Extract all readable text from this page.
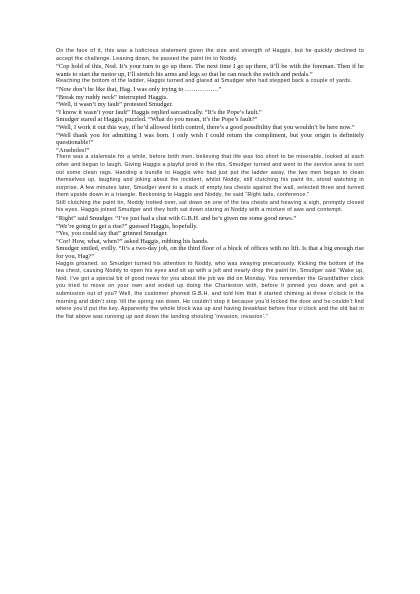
On the face of it, this was a ludicrous statement given the size and strength of Haggis, but he quickly declined to accept the challenge. Leaning down, he passed the paint tin to Noddy.

“Cop hold of this, Nod. It’s your turn to go up there. The next time I go up there, it’ll be with the foreman. Then if he wants to start the motor up, I’ll stretch his arms and legs so that he can reach the switch and pedals.”

Reaching the bottom of the ladder, Haggis turned and glared at Smudger who had stepped back a couple of yards.

“Now don’t be like that, Hag. I was only trying to …………….”

“Break my ruddy neck” interrupted Haggis.

“Well, it wasn’t my fault” protested Smudger.

“I know it wasn’t your fault” Haggis replied sarcastically. “It’s the Pope’s fault.”

Smudger stared at Haggis, puzzled. “What do you mean, it’s the Pope’s fault?”

“Well, I work it out this way, if he’d allowed birth control, there’s a good possibility that you wouldn’t be here now.”

“Well thank you for admitting I was born. I only wish I could return the compliment, but your origin is definitely questionable!”

“Arseholes!”

There was a stalemate for a while, before both men, believing that life was too short to be miserable, looked at each other and began to laugh. Giving Haggis a playful prod in the ribs, Smudger turned and went to the service area to sort out some clean rags. Handing a bundle to Haggis who had just put the ladder away, the two men began to clean themselves up, laughing and joking about the incident, whilst Noddy, still clutching his paint tin, stood watching in surprise. A few minutes later, Smudger went to a stack of empty tea chests against the wall, selected three and turned them upside down in a triangle. Beckoning to Haggis and Noddy, he said “Right lads, conference.”

Still clutching the paint tin, Noddy trotted over, sat down on one of the tea chests and heaving a sigh, promptly closed his eyes. Haggis joined Smudger and they both sat down staring at Noddy with a mixture of awe and contempt.

“Right” said Smudger. “I’ve just had a chat with G.B.H. and he’s given me some good news.”

“We’re going to get a rise?” guessed Haggis, hopefully.

“Yes, you could say that” grinned Smudger.

“Cor! How, what, when?” asked Haggis, rubbing his hands.

Smudger smiled, evilly. “It’s a two-day job, on the third floor of a block of offices with no lift. Is that a big enough rise for you, Hag?”

Haggis groaned, so Smudger turned his attention to Noddy, who was swaying precariously. Kicking the bottom of the tea chest, causing Noddy to open his eyes and sit up with a jolt and nearly drop the paint tin, Smudger said “Wake up, Nod. I’ve got a special bit of good news for you about the job we did on Monday. You remember the Grandfather clock you tried to move on your own and ended up doing the Charleston with, before it pinned you down and got a submission out of you? Well, the customer phoned G.B.H. and told him that it started chiming at three o’clock in the morning and didn’t stop ‘till the spring ran down. He couldn’t stop it because you’d locked the door and he couldn’t find where you’d put the key. Apparently the whole block was up and having breakfast before four o’clock and the old bat in the flat above was running up and down the landing shouting ‘invasion, invasion’.”
